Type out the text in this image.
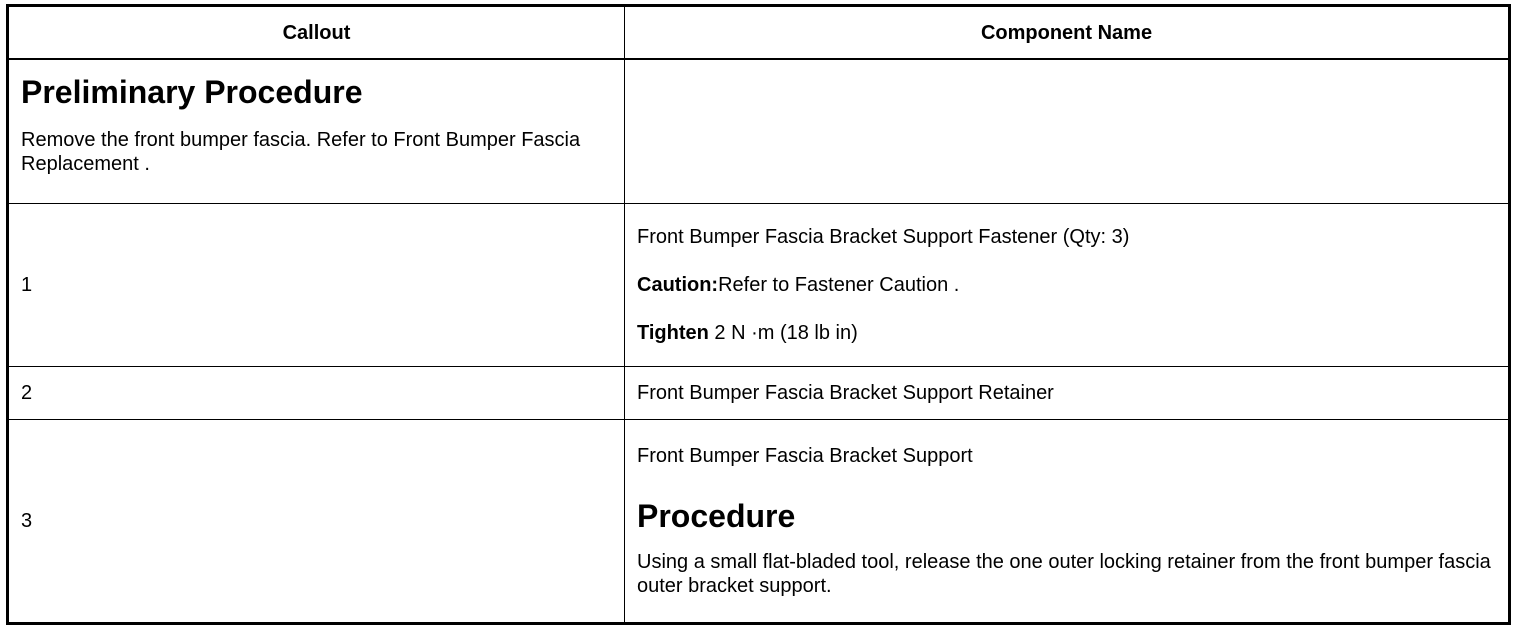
Callout	Component Name

Preliminary Procedure

Remove the front bumper fascia. Refer to Front Bumper Fascia Replacement .	

1	Front Bumper Fascia Bracket Support Fastener (Qty: 3)

Caution:Refer to Fastener Caution .

Tighten 2 N ·m (18 lb in)

2	Front Bumper Fascia Bracket Support Retainer

3	Front Bumper Fascia Bracket Support

Procedure

Using a small flat-bladed tool, release the one outer locking retainer from the front bumper fascia outer bracket support.
